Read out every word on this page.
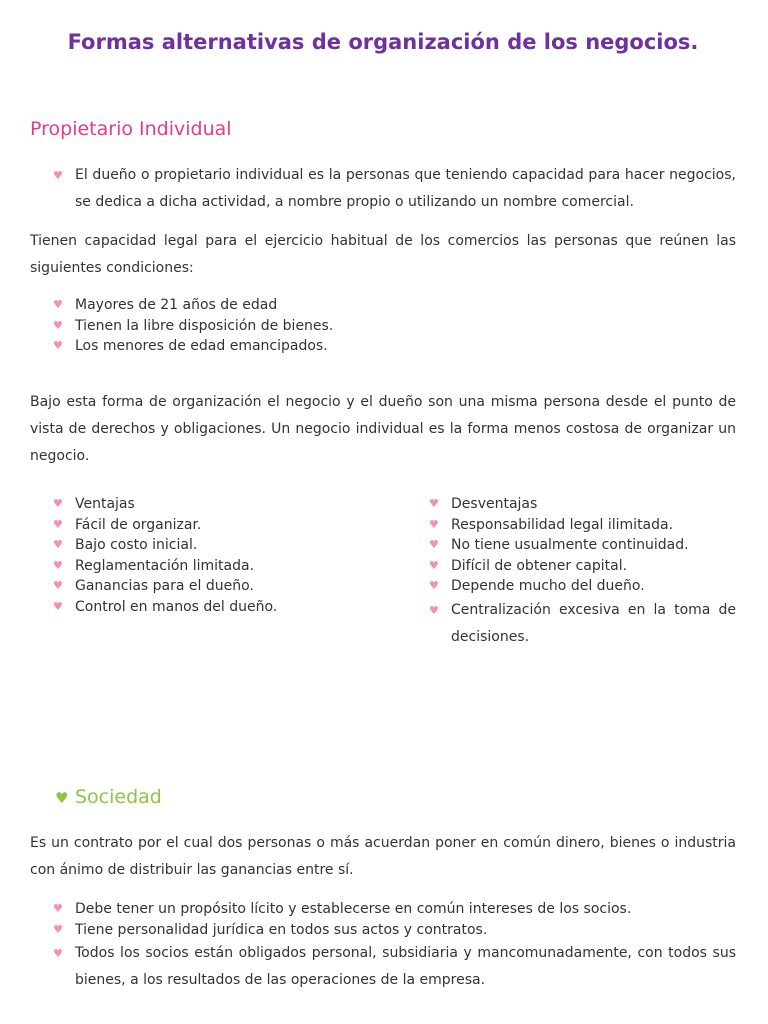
Formas alternativas de organización de los negocios.
Propietario Individual
♥ El dueño o propietario individual es la personas que teniendo capacidad para hacer negocios, se dedica a dicha actividad, a nombre propio o utilizando un nombre comercial.

Tienen capacidad legal para el ejercicio habitual de los comercios las personas que reúnen las siguientes condiciones:

♥ Mayores de 21 años de edad
♥ Tienen la libre disposición de bienes.
♥ Los menores de edad emancipados.

Bajo esta forma de organización el negocio y el dueño son una misma persona desde el punto de vista de derechos y obligaciones. Un negocio individual es la forma menos costosa de organizar un negocio.

♥ Ventajas
♥ Fácil de organizar.
♥ Bajo costo inicial.
♥ Reglamentación limitada.
♥ Ganancias para el dueño.
♥ Control en manos del dueño.
♥ Desventajas
♥ Responsabilidad legal ilimitada.
♥ No tiene usualmente continuidad.
♥ Difícil de obtener capital.
♥ Depende mucho del dueño.
♥ Centralización excesiva en la toma de decisiones.
♥ Sociedad

Es un contrato por el cual dos personas o más acuerdan poner en común dinero, bienes o industria con ánimo de distribuir las ganancias entre sí.

♥ Debe tener un propósito lícito y establecerse en común intereses de los socios.
♥ Tiene personalidad jurídica en todos sus actos y contratos.
♥ Todos los socios están obligados personal, subsidiaria y mancomunadamente, con todos sus bienes, a los resultados de las operaciones de la empresa.
